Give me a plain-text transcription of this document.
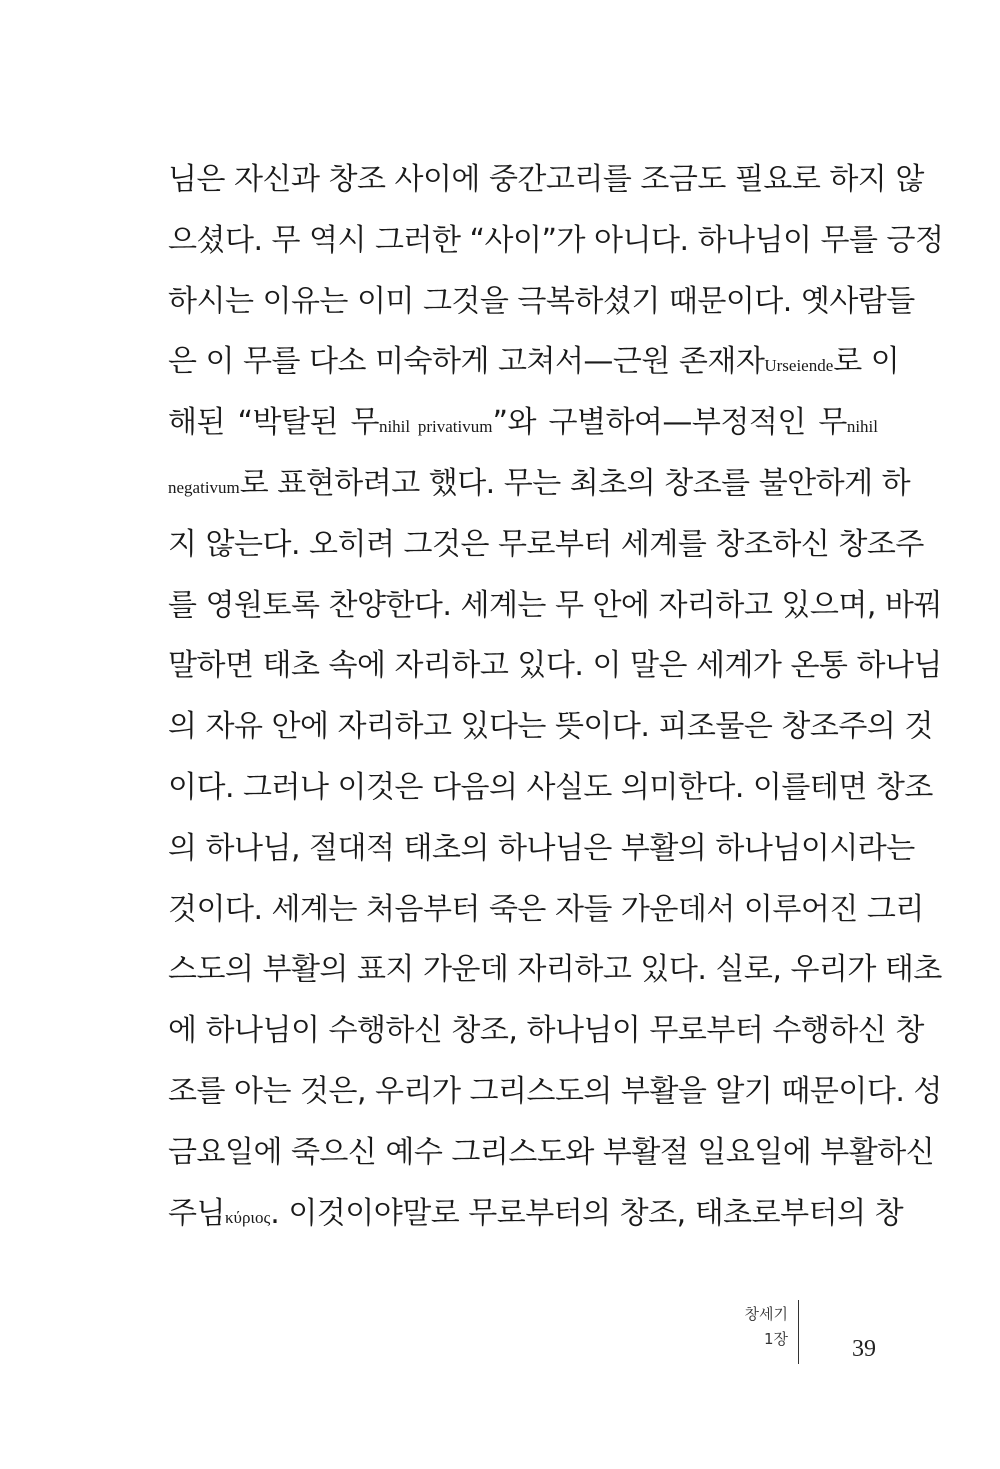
님은 자신과 창조 사이에 중간고리를 조금도 필요로 하지 않
으셨다. 무 역시 그러한 “사이”가 아니다. 하나님이 무를 긍정
하시는 이유는 이미 그것을 극복하셨기 때문이다. 옛사람들
은 이 무를 다소 미숙하게 고쳐서—근원 존재자Urseiende로 이
해된 “박탈된 무nihil privativum”와 구별하여—부정적인 무nihil
negativum로 표현하려고 했다. 무는 최초의 창조를 불안하게 하
지 않는다. 오히려 그것은 무로부터 세계를 창조하신 창조주
를 영원토록 찬양한다. 세계는 무 안에 자리하고 있으며, 바꿔
말하면 태초 속에 자리하고 있다. 이 말은 세계가 온통 하나님
의 자유 안에 자리하고 있다는 뜻이다. 피조물은 창조주의 것
이다. 그러나 이것은 다음의 사실도 의미한다. 이를테면 창조
의 하나님, 절대적 태초의 하나님은 부활의 하나님이시라는
것이다. 세계는 처음부터 죽은 자들 가운데서 이루어진 그리
스도의 부활의 표지 가운데 자리하고 있다. 실로, 우리가 태초
에 하나님이 수행하신 창조, 하나님이 무로부터 수행하신 창
조를 아는 것은, 우리가 그리스도의 부활을 알기 때문이다. 성
금요일에 죽으신 예수 그리스도와 부활절 일요일에 부활하신
주님κύριος. 이것이야말로 무로부터의 창조, 태초로부터의 창
창세기
1장	39
